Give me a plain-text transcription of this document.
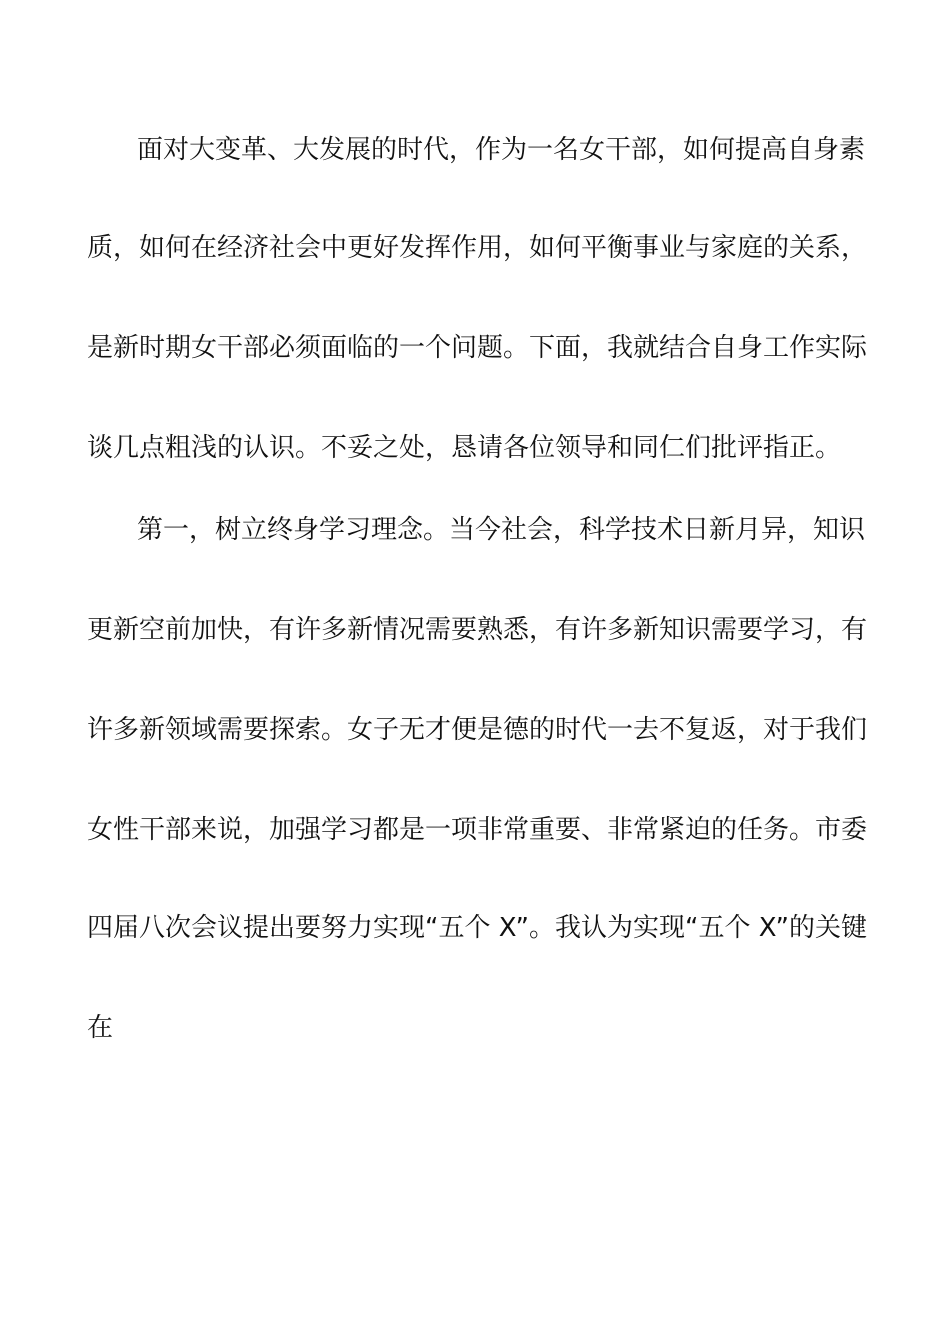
面对大变革、大发展的时代，作为一名女干部，如何提高自身素
质，如何在经济社会中更好发挥作用，如何平衡事业与家庭的关系，
是新时期女干部必须面临的一个问题。下面，我就结合自身工作实际
谈几点粗浅的认识。不妥之处，恳请各位领导和同仁们批评指正。
第一，树立终身学习理念。当今社会，科学技术日新月异，知识
更新空前加快，有许多新情况需要熟悉，有许多新知识需要学习，有
许多新领域需要探索。女子无才便是德的时代一去不复返，对于我们
女性干部来说，加强学习都是一项非常重要、非常紧迫的任务。市委
四届八次会议提出要努力实现“五个 X”。我认为实现“五个 X”的关键
在
